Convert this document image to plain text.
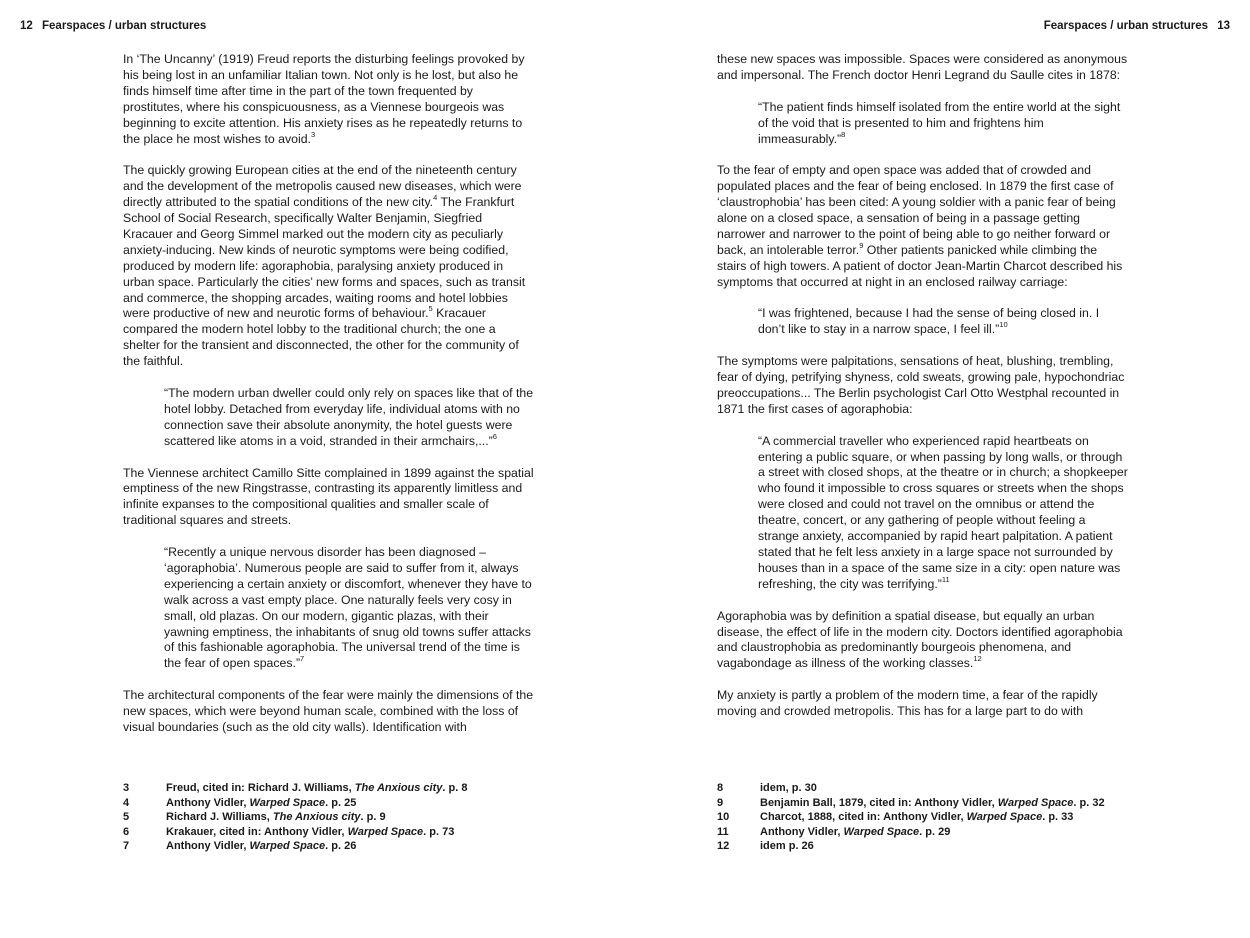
12 Fearspaces / urban structures

In ‘The Uncanny’ (1919) Freud reports the disturbing feelings provoked by his being lost in an unfamiliar Italian town. Not only is he lost, but also he finds himself time after time in the part of the town frequented by prostitutes, where his conspicuousness, as a Viennese bourgeois was beginning to excite attention. His anxiety rises as he repeatedly returns to the place he most wishes to avoid.$^3$

The quickly growing European cities at the end of the nineteenth century and the development of the metropolis caused new diseases, which were directly attributed to the spatial conditions of the new city.$^4$ The Frankfurt School of Social Research, specifically Walter Benjamin, Siegfried Kracauer and Georg Simmel marked out the modern city as peculiarly anxiety-inducing. New kinds of neurotic symptoms were being codified, produced by modern life: agoraphobia, paralysing anxiety produced in urban space. Particularly the cities’ new forms and spaces, such as transit and commerce, the shopping arcades, waiting rooms and hotel lobbies were productive of new and neurotic forms of behaviour.$^5$ Kracauer compared the modern hotel lobby to the traditional church; the one a shelter for the transient and disconnected, the other for the community of the faithful.

“The modern urban dweller could only rely on spaces like that of the hotel lobby. Detached from everyday life, individual atoms with no connection save their absolute anonymity, the hotel guests were scattered like atoms in a void, stranded in their armchairs,...”$^6$

The Viennese architect Camillo Sitte complained in 1899 against the spatial emptiness of the new Ringstrasse, contrasting its apparently limitless and infinite expanses to the compositional qualities and smaller scale of traditional squares and streets.

“Recently a unique nervous disorder has been diagnosed – ‘agoraphobia’. Numerous people are said to suffer from it, always experiencing a certain anxiety or discomfort, whenever they have to walk across a vast empty place. One naturally feels very cosy in small, old plazas. On our modern, gigantic plazas, with their yawning emptiness, the inhabitants of snug old towns suffer attacks of this fashionable agoraphobia. The universal trend of the time is the fear of open spaces.”$^7$

The architectural components of the fear were mainly the dimensions of the new spaces, which were beyond human scale, combined with the loss of visual boundaries (such as the old city walls). Identification with

3	Freud, cited in: Richard J. Williams, The Anxious city. p. 8
4	Anthony Vidler, Warped Space. p. 25
5	Richard J. Williams, The Anxious city. p. 9
6	Krakauer, cited in: Anthony Vidler, Warped Space. p. 73
7	Anthony Vidler, Warped Space. p. 26
Fearspaces / urban structures 13

these new spaces was impossible. Spaces were considered as anonymous and impersonal. The French doctor Henri Legrand du Saulle cites in 1878:

“The patient finds himself isolated from the entire world at the sight of the void that is presented to him and frightens him immeasurably.”$^8$

To the fear of empty and open space was added that of crowded and populated places and the fear of being enclosed. In 1879 the first case of ‘claustrophobia’ has been cited: A young soldier with a panic fear of being alone on a closed space, a sensation of being in a passage getting narrower and narrower to the point of being able to go neither forward or back, an intolerable terror.$^9$ Other patients panicked while climbing the stairs of high towers. A patient of doctor Jean-Martin Charcot described his symptoms that occurred at night in an enclosed railway carriage:

“I was frightened, because I had the sense of being closed in. I don’t like to stay in a narrow space, I feel ill.”$^{10}$

The symptoms were palpitations, sensations of heat, blushing, trembling, fear of dying, petrifying shyness, cold sweats, growing pale, hypochondriac preoccupations... The Berlin psychologist Carl Otto Westphal recounted in 1871 the first cases of agoraphobia:

“A commercial traveller who experienced rapid heartbeats on entering a public square, or when passing by long walls, or through a street with closed shops, at the theatre or in church; a shopkeeper who found it impossible to cross squares or streets when the shops were closed and could not travel on the omnibus or attend the theatre, concert, or any gathering of people without feeling a strange anxiety, accompanied by rapid heart palpitation. A patient stated that he felt less anxiety in a large space not surrounded by houses than in a space of the same size in a city: open nature was refreshing, the city was terrifying.”$^{11}$

Agoraphobia was by definition a spatial disease, but equally an urban disease, the effect of life in the modern city. Doctors identified agoraphobia and claustrophobia as predominantly bourgeois phenomena, and vagabondage as illness of the working classes.$^{12}$

My anxiety is partly a problem of the modern time, a fear of the rapidly moving and crowded metropolis. This has for a large part to do with

8	idem, p. 30
9	Benjamin Ball, 1879, cited in: Anthony Vidler, Warped Space. p. 32
10	Charcot, 1888, cited in: Anthony Vidler, Warped Space. p. 33
11	Anthony Vidler, Warped Space. p. 29
12	idem p. 26
